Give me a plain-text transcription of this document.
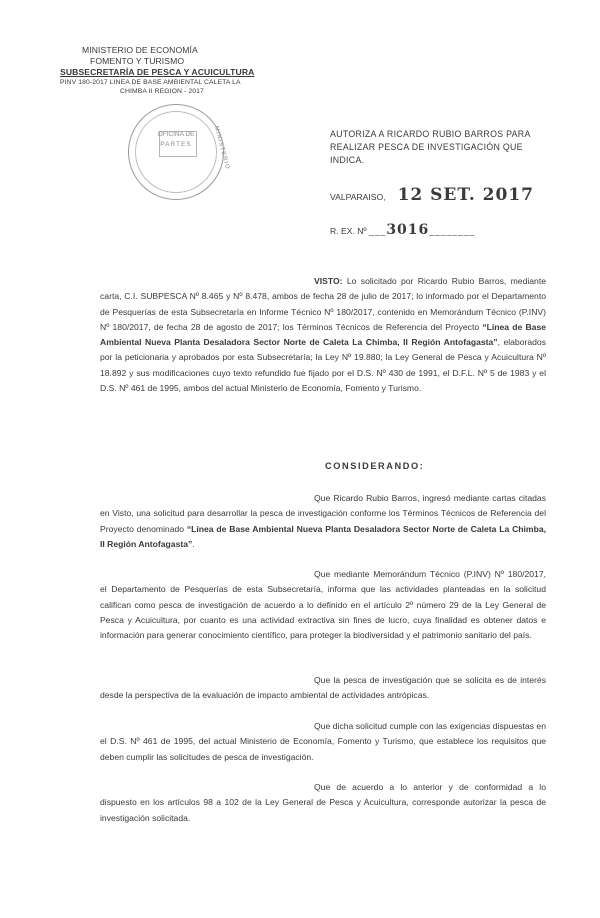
MINISTERIO DE ECONOMÍA
FOMENTO Y TURISMO
SUBSECRETARÍA DE PESCA Y ACUICULTURA
PINV 180-2017 LINEA DE BASE AMBIENTAL CALETA LA
CHIMBA II REGION - 2017
OFICINA DE
PARTES	MINISTERIO	AUTORIZA A RICARDO RUBIO BARROS PARA REALIZAR PESCA DE INVESTIGACIÓN QUE INDICA.
VALPARAISO, 12 SET. 2017
R. EX. Nº ___3016________
VISTO: Lo solicitado por Ricardo Rubio Barros, mediante carta, C.I. SUBPESCA Nº 8.465 y Nº 8.478, ambos de fecha 28 de julio de 2017; lo informado por el Departamento de Pesquerías de esta Subsecretaría en Informe Técnico Nº 180/2017, contenido en Memorándum Técnico (P.INV) Nº 180/2017, de fecha 28 de agosto de 2017; los Términos Técnicos de Referencia del Proyecto “Línea de Base Ambiental Nueva Planta Desaladora Sector Norte de Caleta La Chimba, II Región Antofagasta”, elaborados por la peticionaria y aprobados por esta Subsecretaría; la Ley Nº 19.880; la Ley General de Pesca y Acuicultura Nº 18.892 y sus modificaciones cuyo texto refundido fue fijado por el D.S. Nº 430 de 1991, el D.F.L. Nº 5 de 1983 y el D.S. Nº 461 de 1995, ambos del actual Ministerio de Economía, Fomento y Turismo.
CONSIDERANDO:
Que Ricardo Rubio Barros, ingresó mediante cartas citadas en Visto, una solicitud para desarrollar la pesca de investigación conforme los Términos Técnicos de Referencia del Proyecto denominado “Línea de Base Ambiental Nueva Planta Desaladora Sector Norte de Caleta La Chimba, II Región Antofagasta”.
Que mediante Memorándum Técnico (P.INV) Nº 180/2017, el Departamento de Pesquerías de esta Subsecretaría, informa que las actividades planteadas en la solicitud califican como pesca de investigación de acuerdo a lo definido en el artículo 2º número 29 de la Ley General de Pesca y Acuicultura, por cuanto es una actividad extractiva sin fines de lucro, cuya finalidad es obtener datos e información para generar conocimiento científico, para proteger la biodiversidad y el patrimonio sanitario del país.
Que la pesca de investigación que se solicita es de interés desde la perspectiva de la evaluación de impacto ambiental de actividades antrópicas.
Que dicha solicitud cumple con las exigencias dispuestas en el D.S. Nº 461 de 1995, del actual Ministerio de Economía, Fomento y Turismo, que establece los requisitos que deben cumplir las solicitudes de pesca de investigación.
Que de acuerdo a lo anterior y de conformidad a lo dispuesto en los artículos 98 a 102 de la Ley General de Pesca y Acuicultura, corresponde autorizar la pesca de investigación solicitada.
